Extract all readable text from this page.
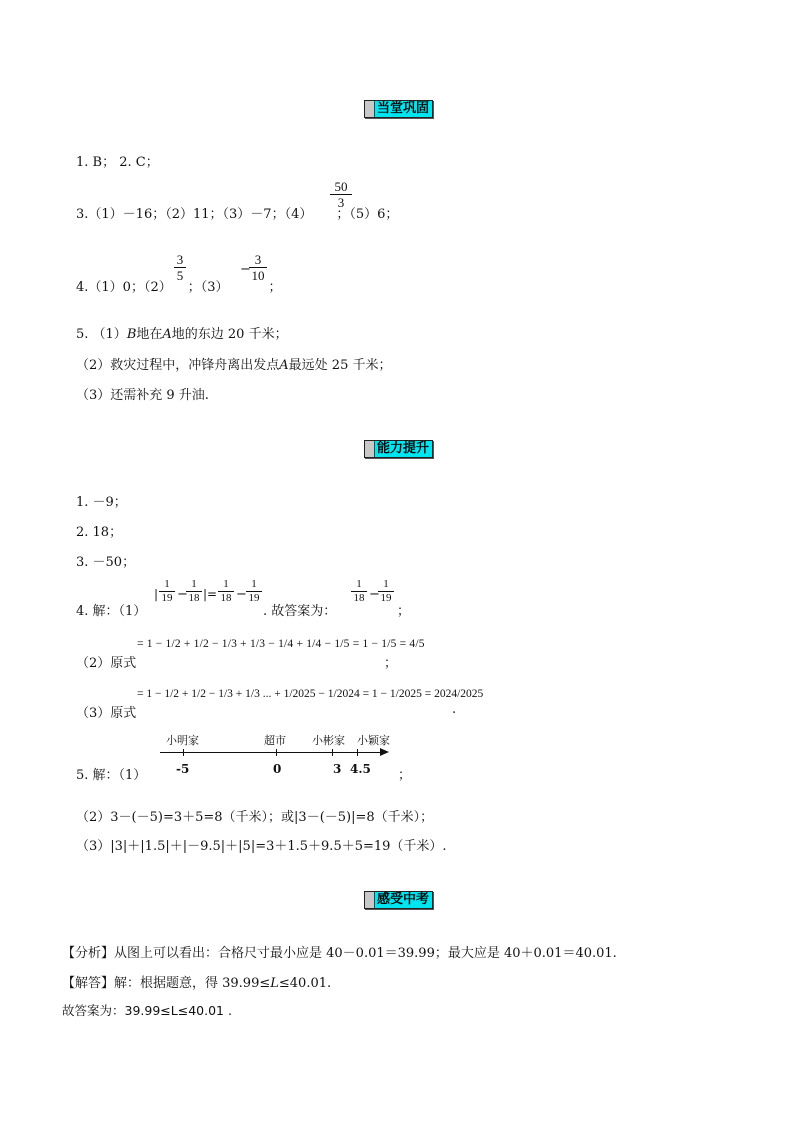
当堂巩固
1. B； 2. C；
3.（1）－16；（2）11；（3）－7；（4） ；（5）6；
50
3
4.（1）0；（2） ；（3）	；
3
5	−
3
10
5. （1）B地在A地的东边 20 千米；
（2）救灾过程中，冲锋舟离出发点A最远处 25 千米；
（3）还需补充 9 升油.
能力提升
1. －9；
2. 18；
3. －50；
4. 解：（1）
|
1
19 −
1
18 |=
1
18 −
1
19
. 故答案为：
1
18 −
1
19
；
（2）原式
= 1 − 1/2 + 1/2 − 1/3 + 1/3 − 1/4 + 1/4 − 1/5 = 1 − 1/5 = 4/5
；
（3）原式
= 1 − 1/2 + 1/2 − 1/3 + 1/3 ... + 1/2025 − 1/2024 = 1 − 1/2025 = 2024/2025
.
5. 解：（1）	；
小明家	超市 小彬家 小颖家
-5	0	3 4.5
（2）3－(－5)=3＋5=8（千米）；或|3－(－5)|=8（千米）；
（3）|3|＋|1.5|＋|－9.5|＋|5|=3＋1.5＋9.5＋5=19（千米）.
感受中考
【分析】从图上可以看出：合格尺寸最小应是 40－0.01＝39.99；最大应是 40＋0.01＝40.01.
【解答】解：根据题意，得 39.99≤L≤40.01.
故答案为：39.99≤L≤40.01 .
